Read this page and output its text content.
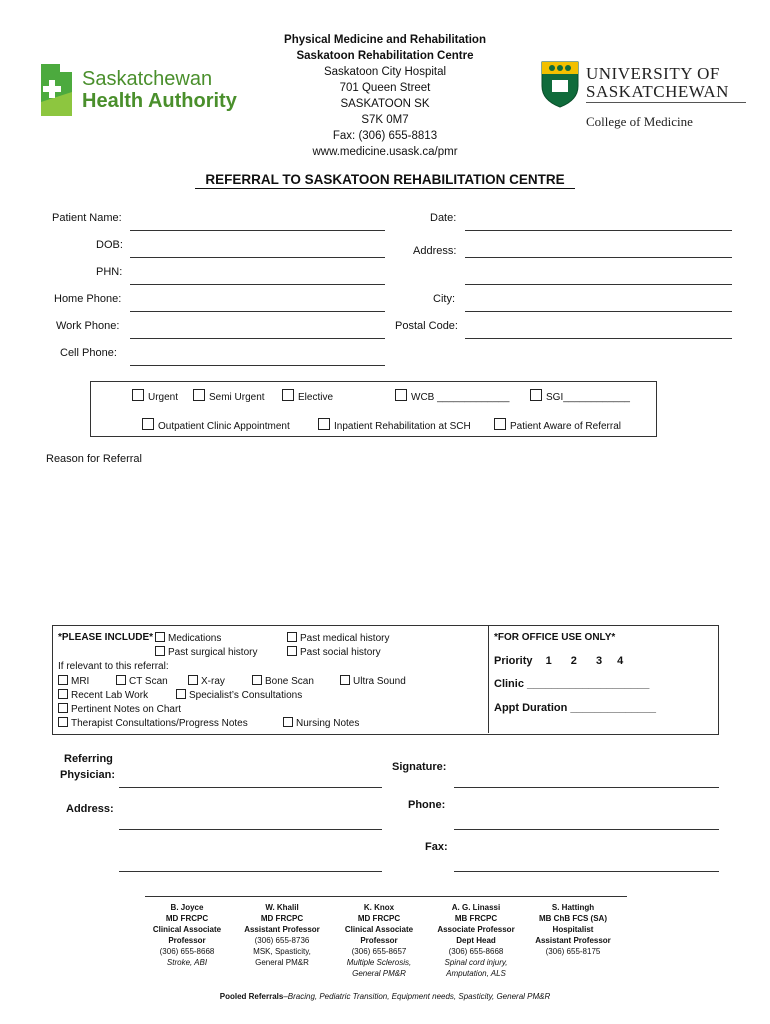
Physical Medicine and Rehabilitation
Saskatoon Rehabilitation Centre
Saskatoon City Hospital
701 Queen Street
SASKATOON SK
S7K 0M7
Fax: (306) 655-8813
www.medicine.usask.ca/pmr
Saskatchewan
Health Authority
UNIVERSITY OF
SASKATCHEWAN
College of Medicine
REFERRAL TO SASKATOON REHABILITATION CENTRE
Patient Name:
DOB:
PHN:
Home Phone:
Work Phone:
Cell Phone:
Date:
Address:
City:
Postal Code:
Urgent	Semi Urgent	Elective	WCB _____________	SGI____________
Outpatient Clinic Appointment	Inpatient Rehabilitation at SCH	Patient Aware of Referral
Reason for Referral
*PLEASE INCLUDE*	Medications	Past medical history
Past surgical history	Past social history
If relevant to this referral:
MRI	CT Scan	X-ray	Bone Scan	Ultra Sound
Recent Lab Work	Specialist’s Consultations
Pertinent Notes on Chart
Therapist Consultations/Progress Notes	Nursing Notes
*FOR OFFICE USE ONLY*
Priority 1 2 3 4
Clinic ____________________
Appt Duration ______________
Referring
Physician:
Signature:
Address:	Phone:
Fax:
B. Joyce
MD FRCPC
Clinical Associate
Professor
(306) 655-8668
Stroke, ABI
W. Khalil
MD FRCPC
Assistant Professor
(306) 655-8736
MSK, Spasticity,
General PM&R
K. Knox
MD FRCPC
Clinical Associate
Professor
(306) 655-8657
Multiple Sclerosis,
General PM&R
A. G. Linassi
MB FRCPC
Associate Professor
Dept Head
(306) 655-8668
Spinal cord injury,
Amputation, ALS
S. Hattingh
MB ChB FCS (SA)
Hospitalist
Assistant Professor
(306) 655-8175
Pooled Referrals–Bracing, Pediatric Transition, Equipment needs, Spasticity, General PM&R
